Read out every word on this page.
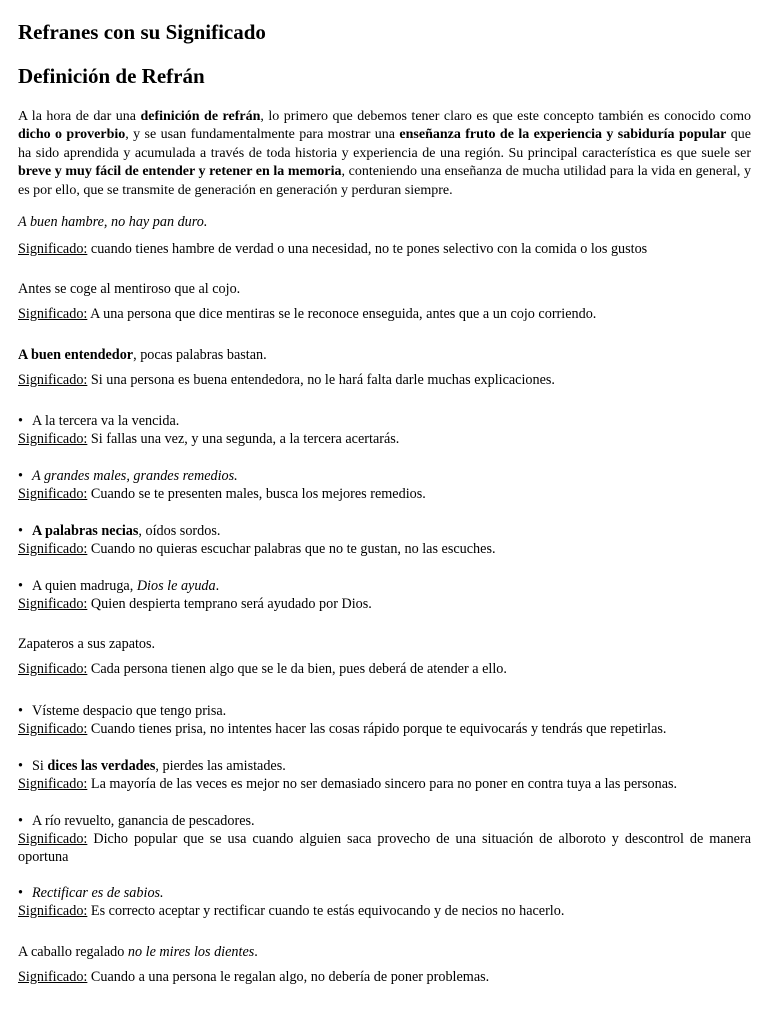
Refranes con su Significado
Definición de Refrán

A la hora de dar una definición de refrán, lo primero que debemos tener claro es que este concepto también es conocido como dicho o proverbio, y se usan fundamentalmente para mostrar una enseñanza fruto de la experiencia y sabiduría popular que ha sido aprendida y acumulada a través de toda historia y experiencia de una región. Su principal característica es que suele ser breve y muy fácil de entender y retener en la memoria, conteniendo una enseñanza de mucha utilidad para la vida en general, y es por ello, que se transmite de generación en generación y perduran siempre.

A buen hambre, no hay pan duro.

Significado: cuando tienes hambre de verdad o una necesidad, no te pones selectivo con la comida o los gustos

Antes se coge al mentiroso que al cojo.

Significado: A una persona que dice mentiras se le reconoce enseguida, antes que a un cojo corriendo.

A buen entendedor, pocas palabras bastan.

Significado: Si una persona es buena entendedora, no le hará falta darle muchas explicaciones.

• A la tercera va la vencida.

Significado: Si fallas una vez, y una segunda, a la tercera acertarás.

• A grandes males, grandes remedios.

Significado: Cuando se te presenten males, busca los mejores remedios.

• A palabras necias, oídos sordos.

Significado: Cuando no quieras escuchar palabras que no te gustan, no las escuches.

• A quien madruga, Dios le ayuda.

Significado: Quien despierta temprano será ayudado por Dios.

Zapateros a sus zapatos.

Significado: Cada persona tienen algo que se le da bien, pues deberá de atender a ello.

• Vísteme despacio que tengo prisa.

Significado: Cuando tienes prisa, no intentes hacer las cosas rápido porque te equivocarás y tendrás que repetirlas.

• Si dices las verdades, pierdes las amistades.

Significado: La mayoría de las veces es mejor no ser demasiado sincero para no poner en contra tuya a las personas.

• A río revuelto, ganancia de pescadores.

Significado: Dicho popular que se usa cuando alguien saca provecho de una situación de alboroto y descontrol de manera oportuna

• Rectificar es de sabios.

Significado: Es correcto aceptar y rectificar cuando te estás equivocando y de necios no hacerlo.

A caballo regalado no le mires los dientes.

Significado: Cuando a una persona le regalan algo, no debería de poner problemas.
